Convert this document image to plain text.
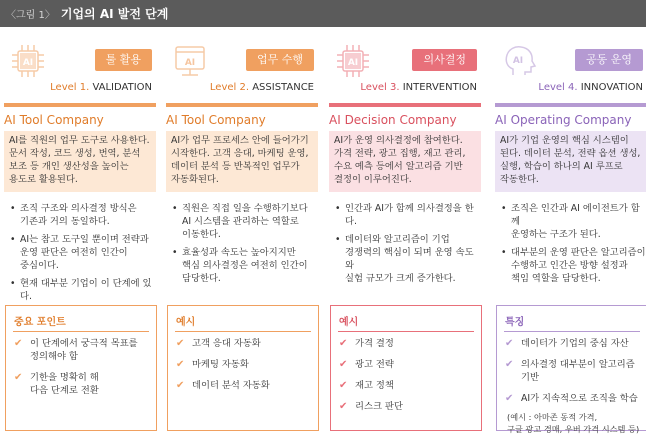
〈그림 1〉 기업의 AI 발전 단계
AI	툴 활용
Level 1. VALIDATION
AI Tool Company
AI를 직원의 업무 도구로 사용한다.
문서 작성, 코드 생성, 번역, 분석
보조 등 개인 생산성을 높이는
용도로 활용된다.
• 조직 구조와 의사결정 방식은
기존과 거의 동일하다.
• AI는 참고 도구일 뿐이며 전략과
운영 판단은 여전히 인간이
중심이다.
• 현재 대부분 기업이 이 단계에 있다.
AI	업무 수행
Level 2. ASSISTANCE
AI Tool Company
AI가 업무 프로세스 안에 들어가기
시작한다. 고객 응대, 마케팅 운영,
데이터 분석 등 반복적인 업무가
자동화된다.
• 직원은 직접 일을 수행하기보다
AI 시스템을 관리하는 역할로
이동한다.
• 효율성과 속도는 높아지지만
핵심 의사결정은 여전히 인간이
담당한다.
AI	의사결정
Level 3. INTERVENTION
AI Decision Company
AI가 운영 의사결정에 참여한다.
가격 전략, 광고 집행, 재고 관리,
수요 예측 등에서 알고리즘 기반
결정이 이루어진다.
• 인간과 AI가 함께 의사결정을 한다.
• 데이터와 알고리즘이 기업
경쟁력의 핵심이 되며 운영 속도와
실험 규모가 크게 증가한다.
AI	공동 운영
Level 4. INNOVATION
AI Operating Company
AI가 기업 운영의 핵심 시스템이
된다. 데이터 분석, 전략 옵션 생성,
실행, 학습이 하나의 AI 루프로
작동한다.
• 조직은 인간과 AI 에이전트가 함께
운영하는 구조가 된다.
• 대부분의 운영 판단은 알고리즘이
수행하고 인간은 방향 설정과
책임 역할을 담당한다.
중요 포인트
✔ 이 단계에서 궁극적 목표를
정의해야 함
✔ 기한을 명확히 해
다음 단계로 전환
예시
✔ 고객 응대 자동화
✔ 마케팅 자동화
✔ 데이터 분석 자동화
예시
✔ 가격 결정
✔ 광고 전략
✔ 재고 정책
✔ 리스크 판단
특징
✔ 데이터가 기업의 중심 자산
✔ 의사결정 대부분이 알고리즘
기반
✔ AI가 지속적으로 조직을 학습
(예시 : 아마존 동적 가격,
구글 광고 경매, 우버 가격 시스템 등)
